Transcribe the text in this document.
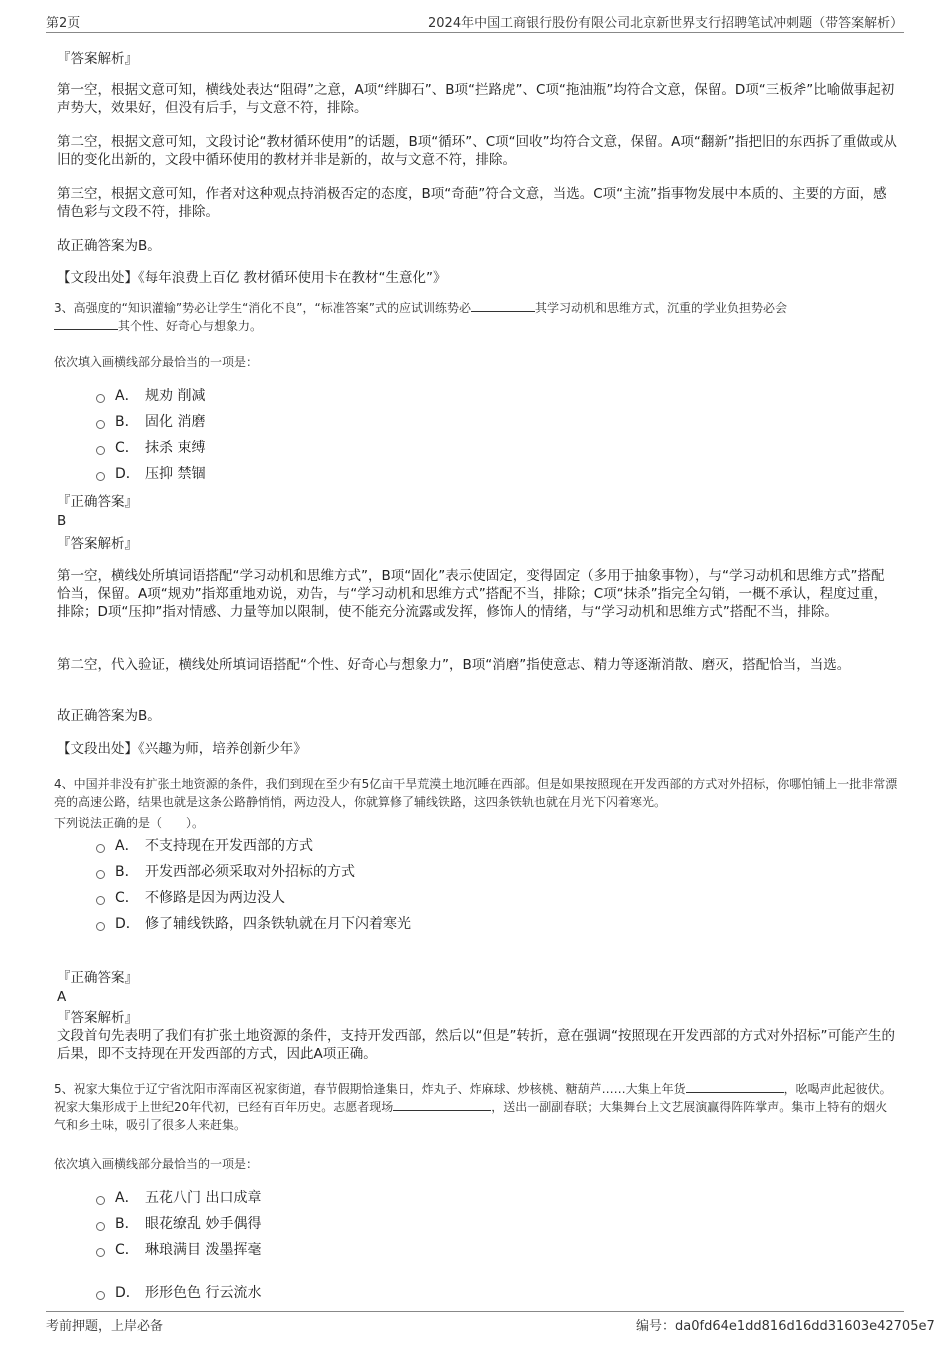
第2页	2024年中国工商银行股份有限公司北京新世界支行招聘笔试冲刺题（带答案解析）
『答案解析』
第一空，根据文意可知，横线处表达“阻碍”之意，A项“绊脚石”、B项“拦路虎”、C项“拖油瓶”均符合文意，保留。D项“三板斧”比喻做事起初声势大，效果好，但没有后手，与文意不符，排除。
第二空，根据文意可知，文段讨论“教材循环使用”的话题，B项“循环”、C项“回收”均符合文意，保留。A项“翻新”指把旧的东西拆了重做或从旧的变化出新的，文段中循环使用的教材并非是新的，故与文意不符，排除。
第三空，根据文意可知，作者对这种观点持消极否定的态度，B项“奇葩”符合文意，当选。C项“主流”指事物发展中本质的、主要的方面，感情色彩与文段不符，排除。
故正确答案为B。
【文段出处】《每年浪费上百亿 教材循环使用卡在教材“生意化”》
3、高强度的“知识灌输”势必让学生“消化不良”，“标准答案”式的应试训练势必	其学习动机和思维方式，沉重的学业负担势必会
其个性、好奇心与想象力。
依次填入画横线部分最恰当的一项是：
A． 规劝 削减
B． 固化 消磨
C． 抹杀 束缚
D． 压抑 禁锢
『正确答案』
B
『答案解析』
第一空，横线处所填词语搭配“学习动机和思维方式”，B项“固化”表示使固定，变得固定（多用于抽象事物），与“学习动机和思维方式”搭配恰当，保留。A项“规劝”指郑重地劝说，劝告，与“学习动机和思维方式”搭配不当，排除；C项“抹杀”指完全勾销，一概不承认，程度过重，排除；D项“压抑”指对情感、力量等加以限制，使不能充分流露或发挥，修饰人的情绪，与“学习动机和思维方式”搭配不当，排除。
第二空，代入验证，横线处所填词语搭配“个性、好奇心与想象力”，B项“消磨”指使意志、精力等逐渐消散、磨灭，搭配恰当，当选。
故正确答案为B。
【文段出处】《兴趣为师，培养创新少年》
4、中国并非没有扩张土地资源的条件，我们到现在至少有5亿亩干旱荒漠土地沉睡在西部。但是如果按照现在开发西部的方式对外招标，你哪怕铺上一批非常漂亮的高速公路，结果也就是这条公路静悄悄，两边没人，你就算修了辅线铁路，这四条铁轨也就在月光下闪着寒光。
下列说法正确的是（　　）。
A． 不支持现在开发西部的方式
B． 开发西部必须采取对外招标的方式
C． 不修路是因为两边没人
D． 修了辅线铁路，四条铁轨就在月下闪着寒光
『正确答案』
A
『答案解析』
文段首句先表明了我们有扩张土地资源的条件，支持开发西部，然后以“但是”转折，意在强调“按照现在开发西部的方式对外招标”可能产生的后果，即不支持现在开发西部的方式，因此A项正确。
5、祝家大集位于辽宁省沈阳市浑南区祝家街道，春节假期恰逢集日，炸丸子、炸麻球、炒核桃、糖葫芦……大集上年货	，吆喝声此起彼伏。祝家大集形成于上世纪20年代初，已经有百年历史。志愿者现场	，送出一副副春联；大集舞台上文艺展演赢得阵阵掌声。集市上特有的烟火气和乡土味，吸引了很多人来赶集。
依次填入画横线部分最恰当的一项是：
A． 五花八门 出口成章
B． 眼花缭乱 妙手偶得
C． 琳琅满目 泼墨挥毫
D． 形形色色 行云流水
考前押题，上岸必备	编号：da0fd64e1dd816d16dd31603e42705e7
